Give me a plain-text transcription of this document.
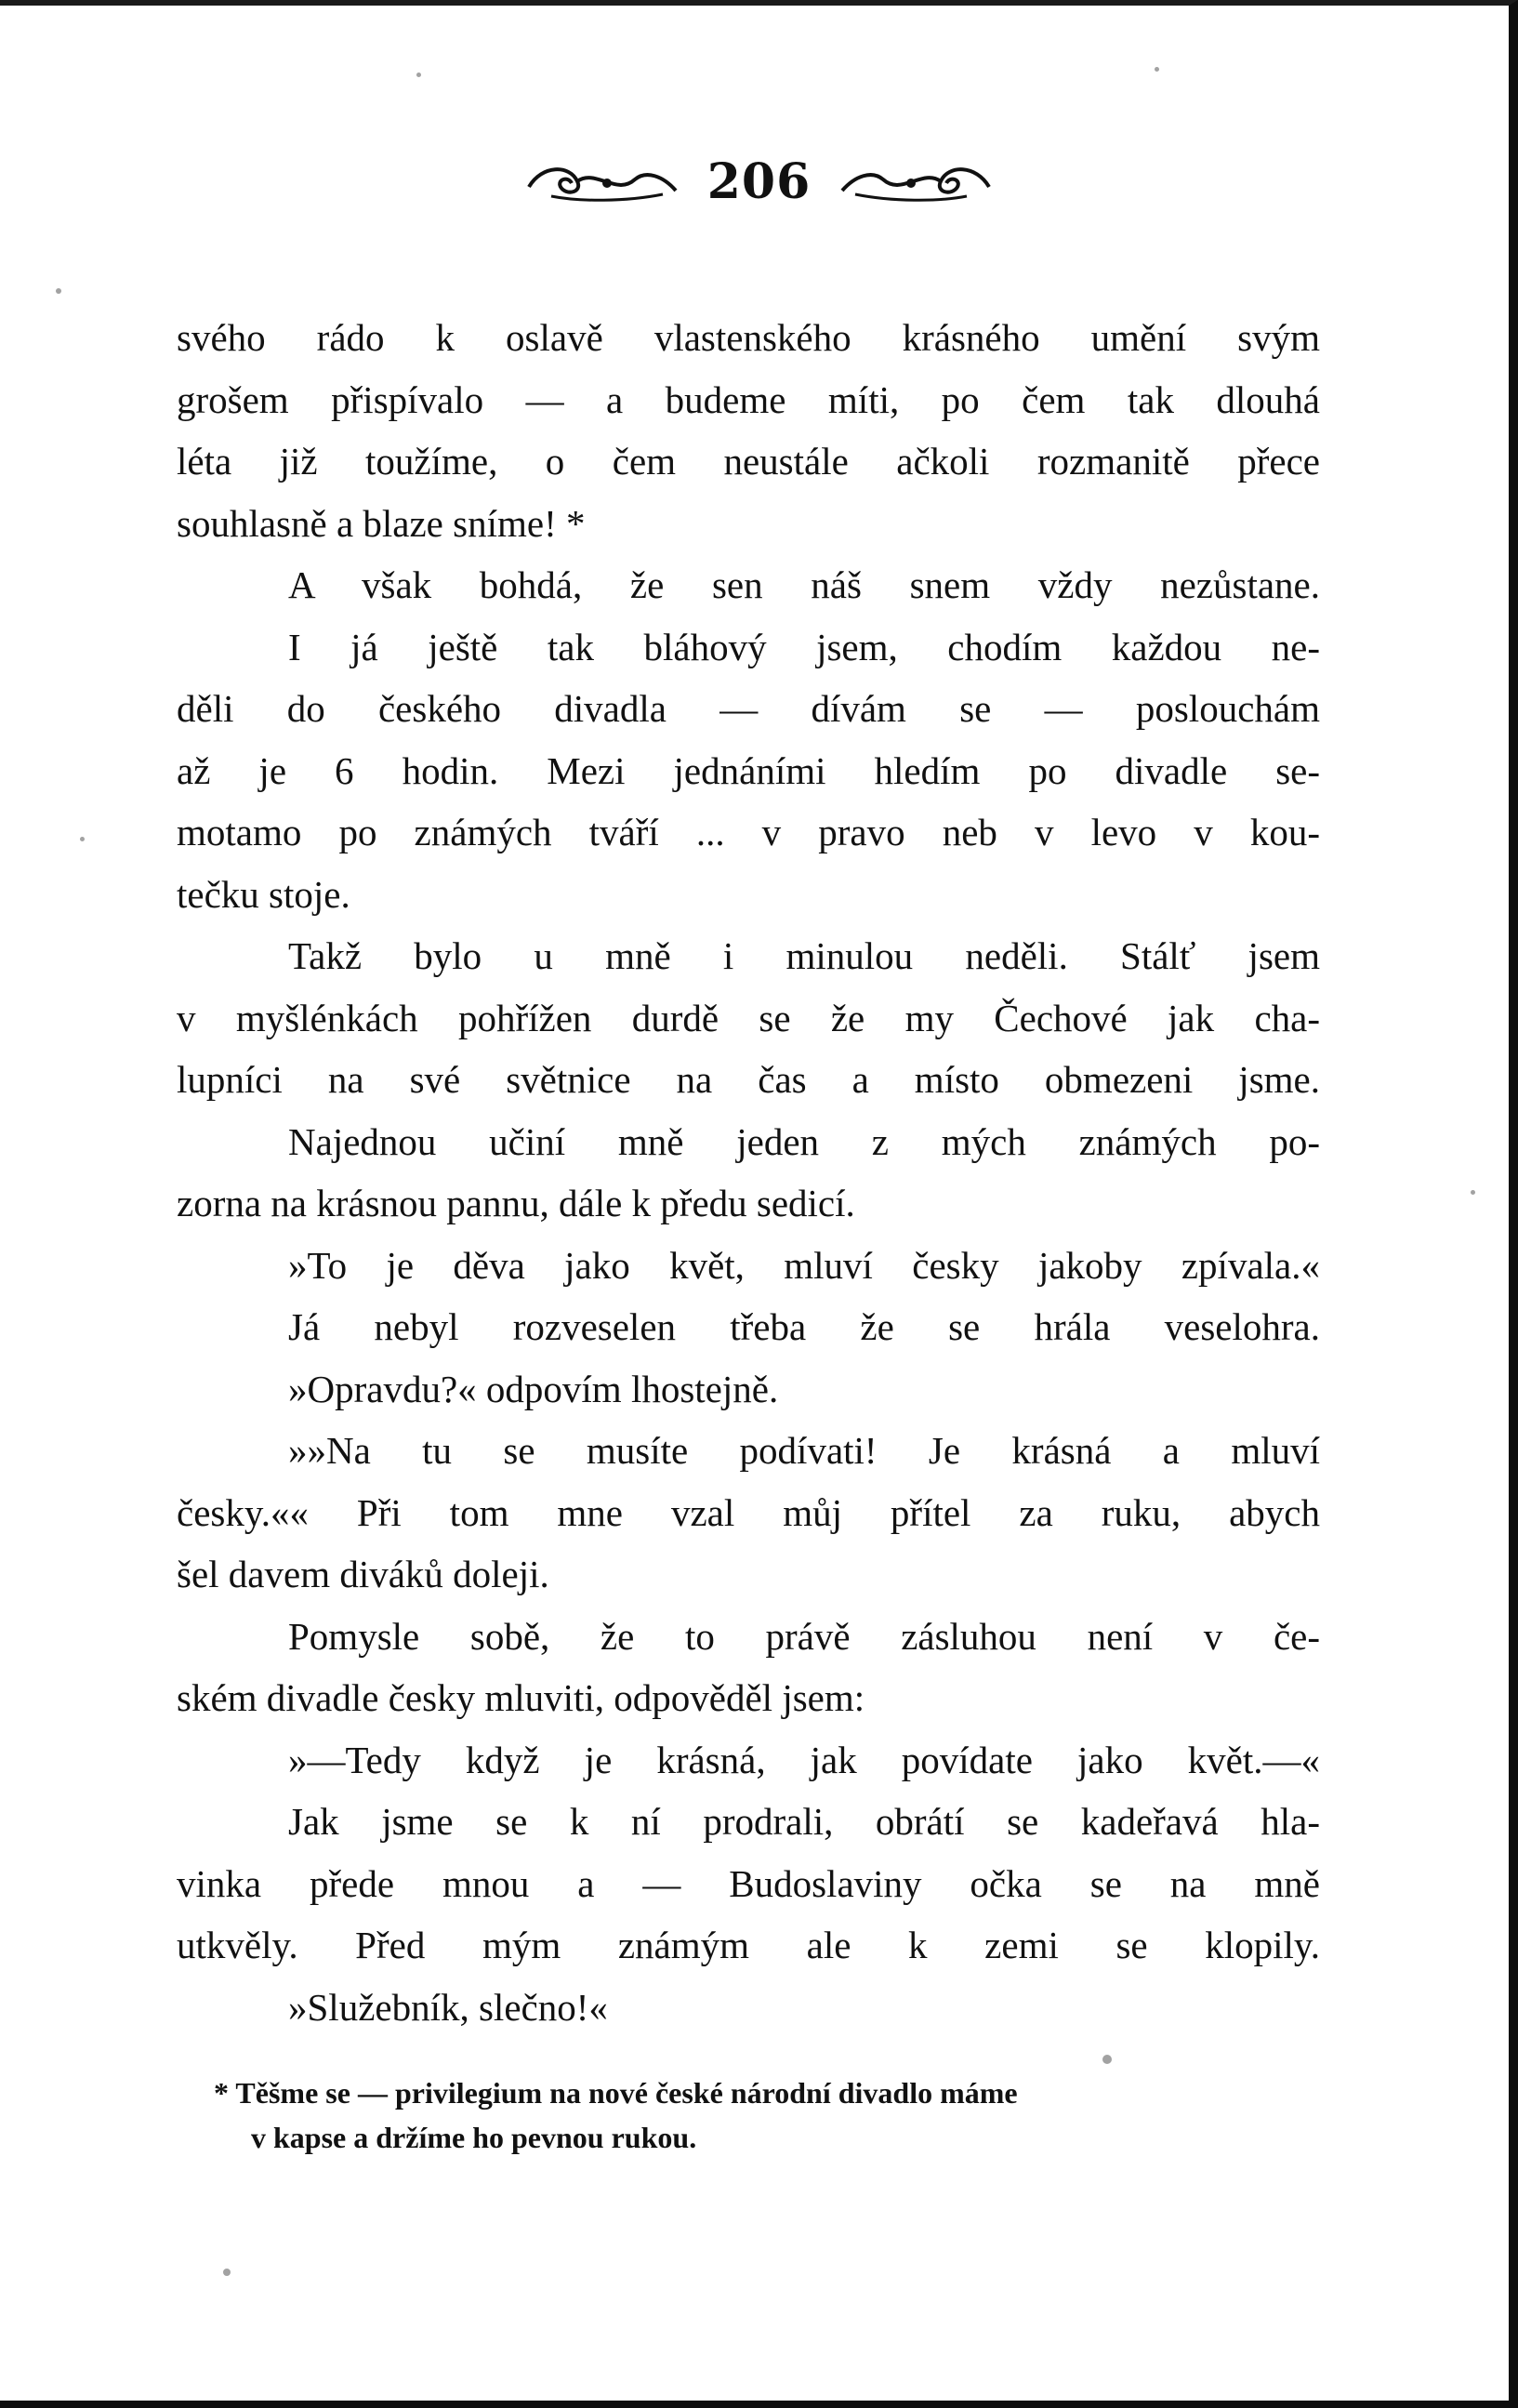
206
svého rádo k oslavě vlastenského krásného umění svým
grošem přispívalo — a budeme míti, po čem tak dlouhá
léta již toužíme, o čem neustále ačkoli rozmanitě přece
souhlasně a blaze sníme! *
A však bohdá, že sen náš snem vždy nezůstane.
I já ještě tak bláhový jsem, chodím každou ne-
děli do českého divadla — dívám se — poslouchám
až je 6 hodin. Mezi jednáními hledím po divadle se-
motamo po známých tváří ... v pravo neb v levo v kou-
tečku stoje.
Takž bylo u mně i minulou neděli. Stálť jsem
v myšlénkách pohřížen durdě se že my Čechové jak cha-
lupníci na své světnice na čas a místo obmezeni jsme.
Najednou učiní mně jeden z mých známých po-
zorna na krásnou pannu, dále k předu sedicí.
»To je děva jako květ, mluví česky jakoby zpívala.«
Já nebyl rozveselen třeba že se hrála veselohra.
»Opravdu?« odpovím lhostejně.
»»Na tu se musíte podívati! Je krásná a mluví
česky.«« Při tom mne vzal můj přítel za ruku, abych
šel davem diváků doleji.
Pomysle sobě, že to právě zásluhou není v če-
ském divadle česky mluviti, odpověděl jsem:
»—Tedy když je krásná, jak povídate jako květ.—«
Jak jsme se k ní prodrali, obrátí se kadeřavá hla-
vinka přede mnou a — Budoslaviny očka se na mně
utkvěly. Před mým známým ale k zemi se klopily.
»Služebník, slečno!«
* Těšme se — privilegium na nové české národní divadlo máme
v kapse a držíme ho pevnou rukou.
